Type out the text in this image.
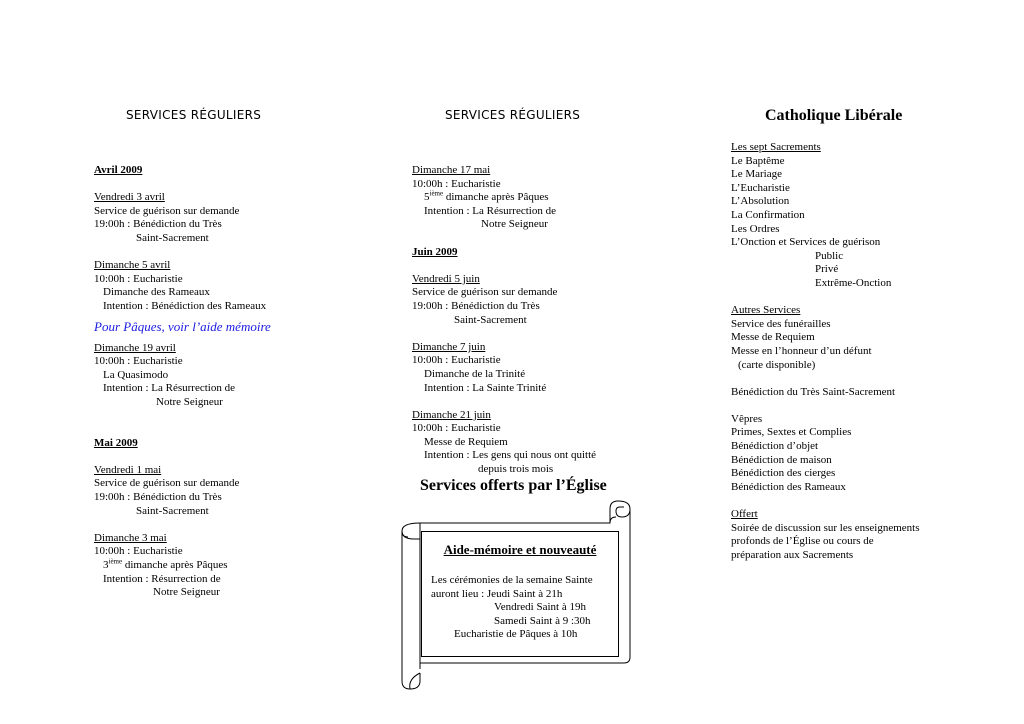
SERVICES RÉGULIERS
Avril 2009
Vendredi 3 avril
Service de guérison sur demande
19:00h : Bénédiction du Très
Saint-Sacrement
Dimanche 5 avril
10:00h : Eucharistie
Dimanche des Rameaux
Intention : Bénédiction des Rameaux
Pour Pâques, voir l’aide mémoire
Dimanche 19 avril
10:00h : Eucharistie
La Quasimodo
Intention : La Résurrection de
Notre Seigneur
Mai 2009
Vendredi 1 mai
Service de guérison sur demande
19:00h : Bénédiction du Très
Saint-Sacrement
Dimanche 3 mai
10:00h : Eucharistie
3ième dimanche après Pâques
Intention : Résurrection de
Notre Seigneur
SERVICES RÉGULIERS
Dimanche 17 mai
10:00h : Eucharistie
5ième dimanche après Pâques
Intention : La Résurrection de
Notre Seigneur
Juin 2009
Vendredi 5 juin
Service de guérison sur demande
19:00h : Bénédiction du Très
Saint-Sacrement
Dimanche 7 juin
10:00h : Eucharistie
Dimanche de la Trinité
Intention : La Sainte Trinité
Dimanche 21 juin
10:00h : Eucharistie
Messe de Requiem
Intention : Les gens qui nous ont quitté
depuis trois mois
Services offerts par l’Église
Aide-mémoire et nouveauté
Les cérémonies de la semaine Sainte
auront lieu : Jeudi Saint à 21h
Vendredi Saint à 19h
Samedi Saint à 9 :30h
Eucharistie de Pâques à 10h
Catholique Libérale
Les sept Sacrements
Le Baptême
Le Mariage
L’Eucharistie
L’Absolution
La Confirmation
Les Ordres
L’Onction et Services de guérison
Public
Privé
Extrême-Onction
Autres Services
Service des funérailles
Messe de Requiem
Messe en l’honneur d’un défunt
(carte disponible)
Bénédiction du Très Saint-Sacrement
Vêpres
Primes, Sextes et Complies
Bénédiction d’objet
Bénédiction de maison
Bénédiction des cierges
Bénédiction des Rameaux
Offert
Soirée de discussion sur les enseignements
profonds de l’Église ou cours de
préparation aux Sacrements
